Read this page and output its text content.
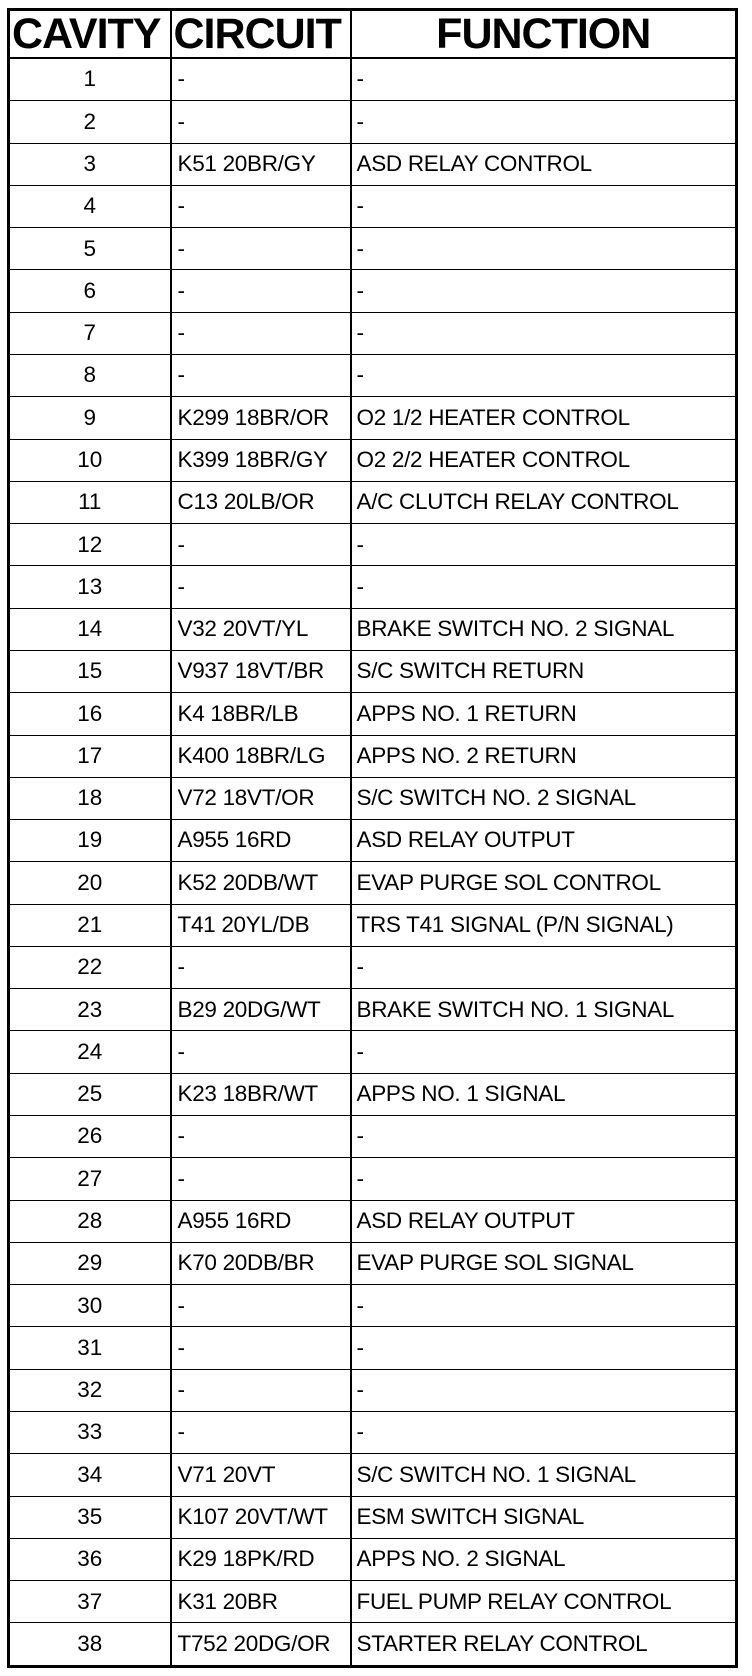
CAVITY	CIRCUIT	FUNCTION
1	-	-
2	-	-
3	K51 20BR/GY	ASD RELAY CONTROL
4	-	-
5	-	-
6	-	-
7	-	-
8	-	-
9	K299 18BR/OR	O2 1/2 HEATER CONTROL
10	K399 18BR/GY	O2 2/2 HEATER CONTROL
11	C13 20LB/OR	A/C CLUTCH RELAY CONTROL
12	-	-
13	-	-
14	V32 20VT/YL	BRAKE SWITCH NO. 2 SIGNAL
15	V937 18VT/BR	S/C SWITCH RETURN
16	K4 18BR/LB	APPS NO. 1 RETURN
17	K400 18BR/LG	APPS NO. 2 RETURN
18	V72 18VT/OR	S/C SWITCH NO. 2 SIGNAL
19	A955 16RD	ASD RELAY OUTPUT
20	K52 20DB/WT	EVAP PURGE SOL CONTROL
21	T41 20YL/DB	TRS T41 SIGNAL (P/N SIGNAL)
22	-	-
23	B29 20DG/WT	BRAKE SWITCH NO. 1 SIGNAL
24	-	-
25	K23 18BR/WT	APPS NO. 1 SIGNAL
26	-	-
27	-	-
28	A955 16RD	ASD RELAY OUTPUT
29	K70 20DB/BR	EVAP PURGE SOL SIGNAL
30	-	-
31	-	-
32	-	-
33	-	-
34	V71 20VT	S/C SWITCH NO. 1 SIGNAL
35	K107 20VT/WT	ESM SWITCH SIGNAL
36	K29 18PK/RD	APPS NO. 2 SIGNAL
37	K31 20BR	FUEL PUMP RELAY CONTROL
38	T752 20DG/OR	STARTER RELAY CONTROL
